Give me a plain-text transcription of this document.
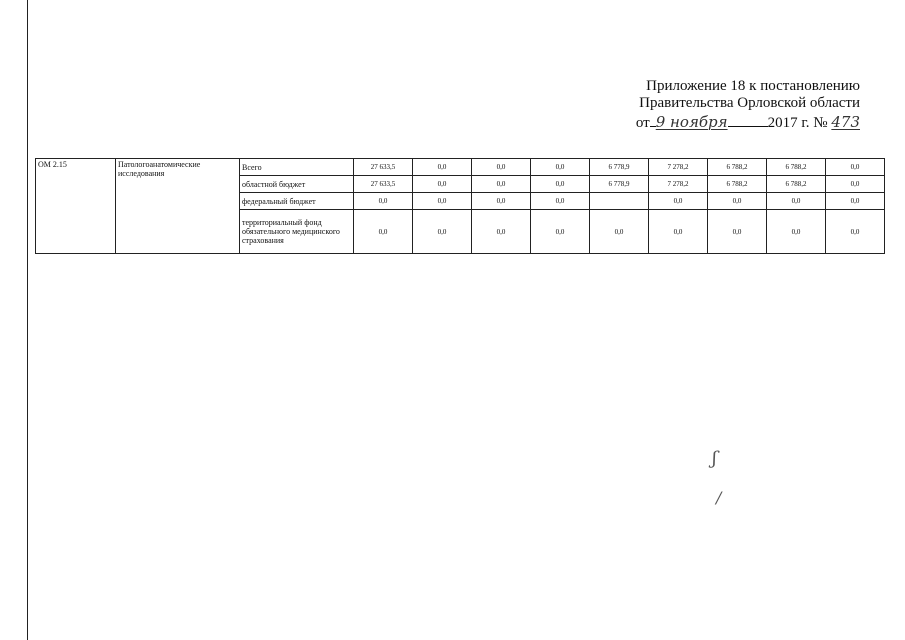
Приложение 18 к постановлению
Правительства Орловской области
от 9 ноября	2017 г. № 473
ОМ 2.15	Патологоанатомические исследования	Всего	27 633,5	0,0	0,0	0,0	6 778,9	7 278,2	6 788,2	6 788,2	0,0
		областной бюджет	27 633,5	0,0	0,0	0,0	6 778,9	7 278,2	6 788,2	6 788,2	0,0
		федеральный бюджет	0,0	0,0	0,0	0,0		0,0	0,0	0,0	0,0
		территориальный фонд обязательного медицинского страхования	0,0	0,0	0,0	0,0	0,0	0,0	0,0	0,0	0,0
ʃ
/
